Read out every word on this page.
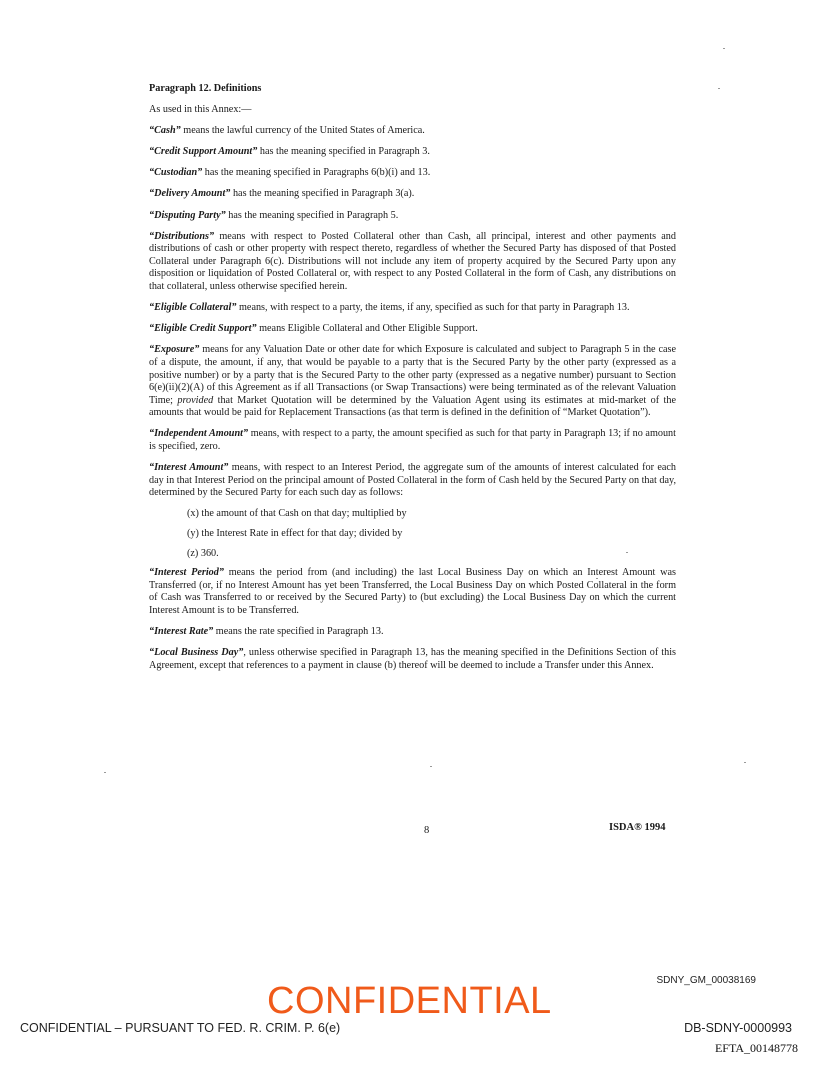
Paragraph 12. Definitions

As used in this Annex:—

“Cash” means the lawful currency of the United States of America.

“Credit Support Amount” has the meaning specified in Paragraph 3.

“Custodian” has the meaning specified in Paragraphs 6(b)(i) and 13.

“Delivery Amount” has the meaning specified in Paragraph 3(a).

“Disputing Party” has the meaning specified in Paragraph 5.

“Distributions” means with respect to Posted Collateral other than Cash, all principal, interest and other payments and distributions of cash or other property with respect thereto, regardless of whether the Secured Party has disposed of that Posted Collateral under Paragraph 6(c). Distributions will not include any item of property acquired by the Secured Party upon any disposition or liquidation of Posted Collateral or, with respect to any Posted Collateral in the form of Cash, any distributions on that collateral, unless otherwise specified herein.

“Eligible Collateral” means, with respect to a party, the items, if any, specified as such for that party in Paragraph 13.

“Eligible Credit Support” means Eligible Collateral and Other Eligible Support.

“Exposure” means for any Valuation Date or other date for which Exposure is calculated and subject to Paragraph 5 in the case of a dispute, the amount, if any, that would be payable to a party that is the Secured Party by the other party (expressed as a positive number) or by a party that is the Secured Party to the other party (expressed as a negative number) pursuant to Section 6(e)(ii)(2)(A) of this Agreement as if all Transactions (or Swap Transactions) were being terminated as of the relevant Valuation Time; provided that Market Quotation will be determined by the Valuation Agent using its estimates at mid-market of the amounts that would be paid for Replacement Transactions (as that term is defined in the definition of “Market Quotation”).

“Independent Amount” means, with respect to a party, the amount specified as such for that party in Paragraph 13; if no amount is specified, zero.

“Interest Amount” means, with respect to an Interest Period, the aggregate sum of the amounts of interest calculated for each day in that Interest Period on the principal amount of Posted Collateral in the form of Cash held by the Secured Party on that day, determined by the Secured Party for each such day as follows:

(x) the amount of that Cash on that day; multiplied by

(y) the Interest Rate in effect for that day; divided by

(z) 360.

“Interest Period” means the period from (and including) the last Local Business Day on which an Interest Amount was Transferred (or, if no Interest Amount has yet been Transferred, the Local Business Day on which Posted Collateral in the form of Cash was Transferred to or received by the Secured Party) to (but excluding) the Local Business Day on which the current Interest Amount is to be Transferred.

“Interest Rate” means the rate specified in Paragraph 13.

“Local Business Day”, unless otherwise specified in Paragraph 13, has the meaning specified in the Definitions Section of this Agreement, except that references to a payment in clause (b) thereof will be deemed to include a Transfer under this Annex.

8	ISDA® 1994
SDNY_GM_00038169
CONFIDENTIAL
CONFIDENTIAL – PURSUANT TO FED. R. CRIM. P. 6(e)	DB-SDNY-0000993
EFTA_00148778
